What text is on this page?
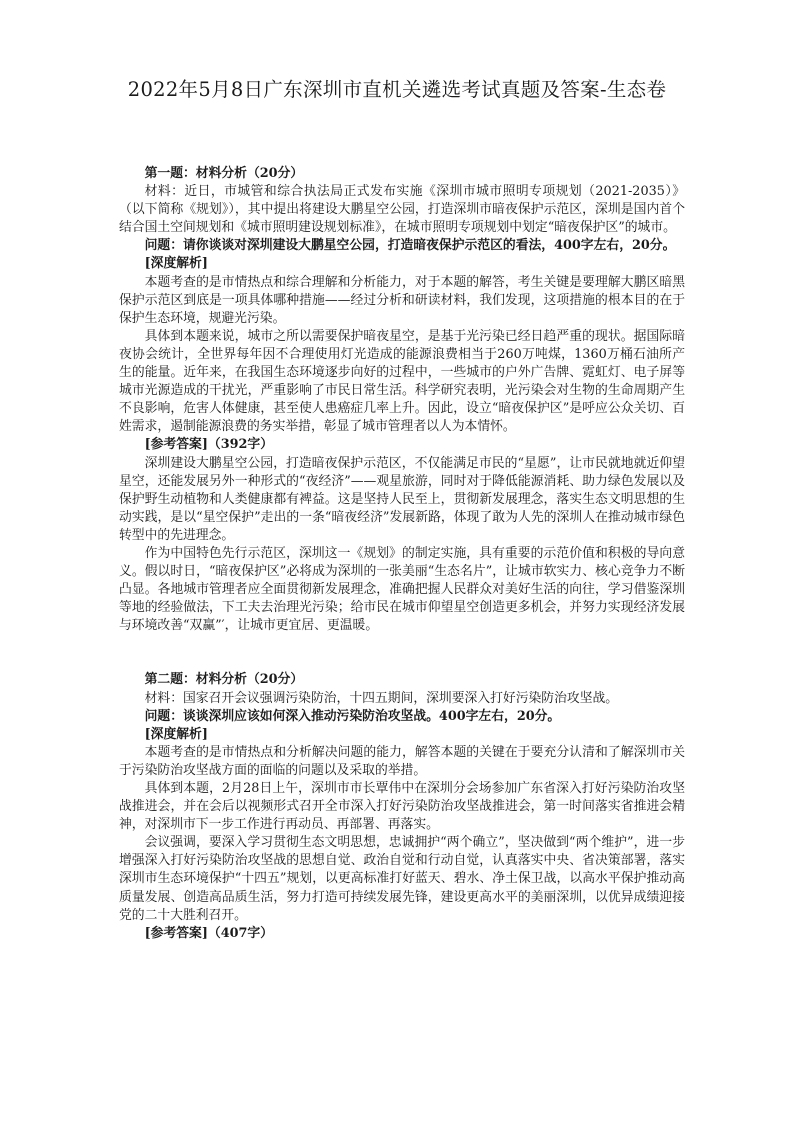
2022年5月8日广东深圳市直机关遴选考试真题及答案-生态卷

第一题：材料分析（20分）

材料：近日，市城管和综合执法局正式发布实施《深圳市城市照明专项规划（2021-2035）》（以下简称《规划》），其中提出将建设大鹏星空公园，打造深圳市暗夜保护示范区，深圳是国内首个结合国土空间规划和《城市照明建设规划标准》，在城市照明专项规划中划定“暗夜保护区”的城市。

问题：请你谈谈对深圳建设大鹏星空公园，打造暗夜保护示范区的看法，400字左右，20分。

[深度解析]

本题考查的是市情热点和综合理解和分析能力，对于本题的解答，考生关键是要理解大鹏区暗黑保护示范区到底是一项具体哪种措施——经过分析和研读材料，我们发现，这项措施的根本目的在于保护生态环境，规避光污染。

具体到本题来说，城市之所以需要保护暗夜星空，是基于光污染已经日趋严重的现状。据国际暗夜协会统计，全世界每年因不合理使用灯光造成的能源浪费相当于260万吨煤，1360万桶石油所产生的能量。近年来，在我国生态环境逐步向好的过程中，一些城市的户外广告牌、霓虹灯、电子屏等城市光源造成的干扰光，严重影响了市民日常生活。科学研究表明，光污染会对生物的生命周期产生不良影响，危害人体健康，甚至使人患癌症几率上升。因此，设立“暗夜保护区”是呼应公众关切、百姓需求，遏制能源浪费的务实举措，彰显了城市管理者以人为本情怀。

[参考答案]（392字）

深圳建设大鹏星空公园，打造暗夜保护示范区，不仅能满足市民的“星愿”，让市民就地就近仰望星空，还能发展另外一种形式的“夜经济”——观星旅游，同时对于降低能源消耗、助力绿色发展以及保护野生动植物和人类健康都有裨益。这是坚持人民至上，贯彻新发展理念，落实生态文明思想的生动实践，是以“星空保护”走出的一条“暗夜经济”发展新路，体现了敢为人先的深圳人在推动城市绿色转型中的先进理念。

作为中国特色先行示范区，深圳这一《规划》的制定实施，具有重要的示范价值和积极的导向意义。假以时日，“暗夜保护区”必将成为深圳的一张美丽“生态名片”，让城市软实力、核心竞争力不断凸显。各地城市管理者应全面贯彻新发展理念，准确把握人民群众对美好生活的向往，学习借鉴深圳等地的经验做法，下工夫去治理光污染；给市民在城市仰望星空创造更多机会，并努力实现经济发展与环境改善“双赢”′，让城市更宜居、更温暖。

第二题：材料分析（20分）

材料：国家召开会议强调污染防治，十四五期间，深圳要深入打好污染防治攻坚战。

问题：谈谈深圳应该如何深入推动污染防治攻坚战。400字左右，20分。

[深度解析]

本题考查的是市情热点和分析解决问题的能力，解答本题的关键在于要充分认清和了解深圳市关于污染防治攻坚战方面的面临的问题以及采取的举措。

具体到本题，2月28日上午，深圳市市长覃伟中在深圳分会场参加广东省深入打好污染防治攻坚战推进会，并在会后以视频形式召开全市深入打好污染防治攻坚战推进会，第一时间落实省推进会精神，对深圳市下一步工作进行再动员、再部署、再落实。

会议强调，要深入学习贯彻生态文明思想，忠诚拥护“两个确立”，坚决做到“两个维护”，进一步增强深入打好污染防治攻坚战的思想自觉、政治自觉和行动自觉，认真落实中央、省决策部署，落实深圳市生态环境保护“十四五”规划，以更高标准打好蓝天、碧水、净土保卫战，以高水平保护推动高质量发展、创造高品质生活，努力打造可持续发展先锋，建设更高水平的美丽深圳，以优异成绩迎接党的二十大胜利召开。

[参考答案]（407字）
